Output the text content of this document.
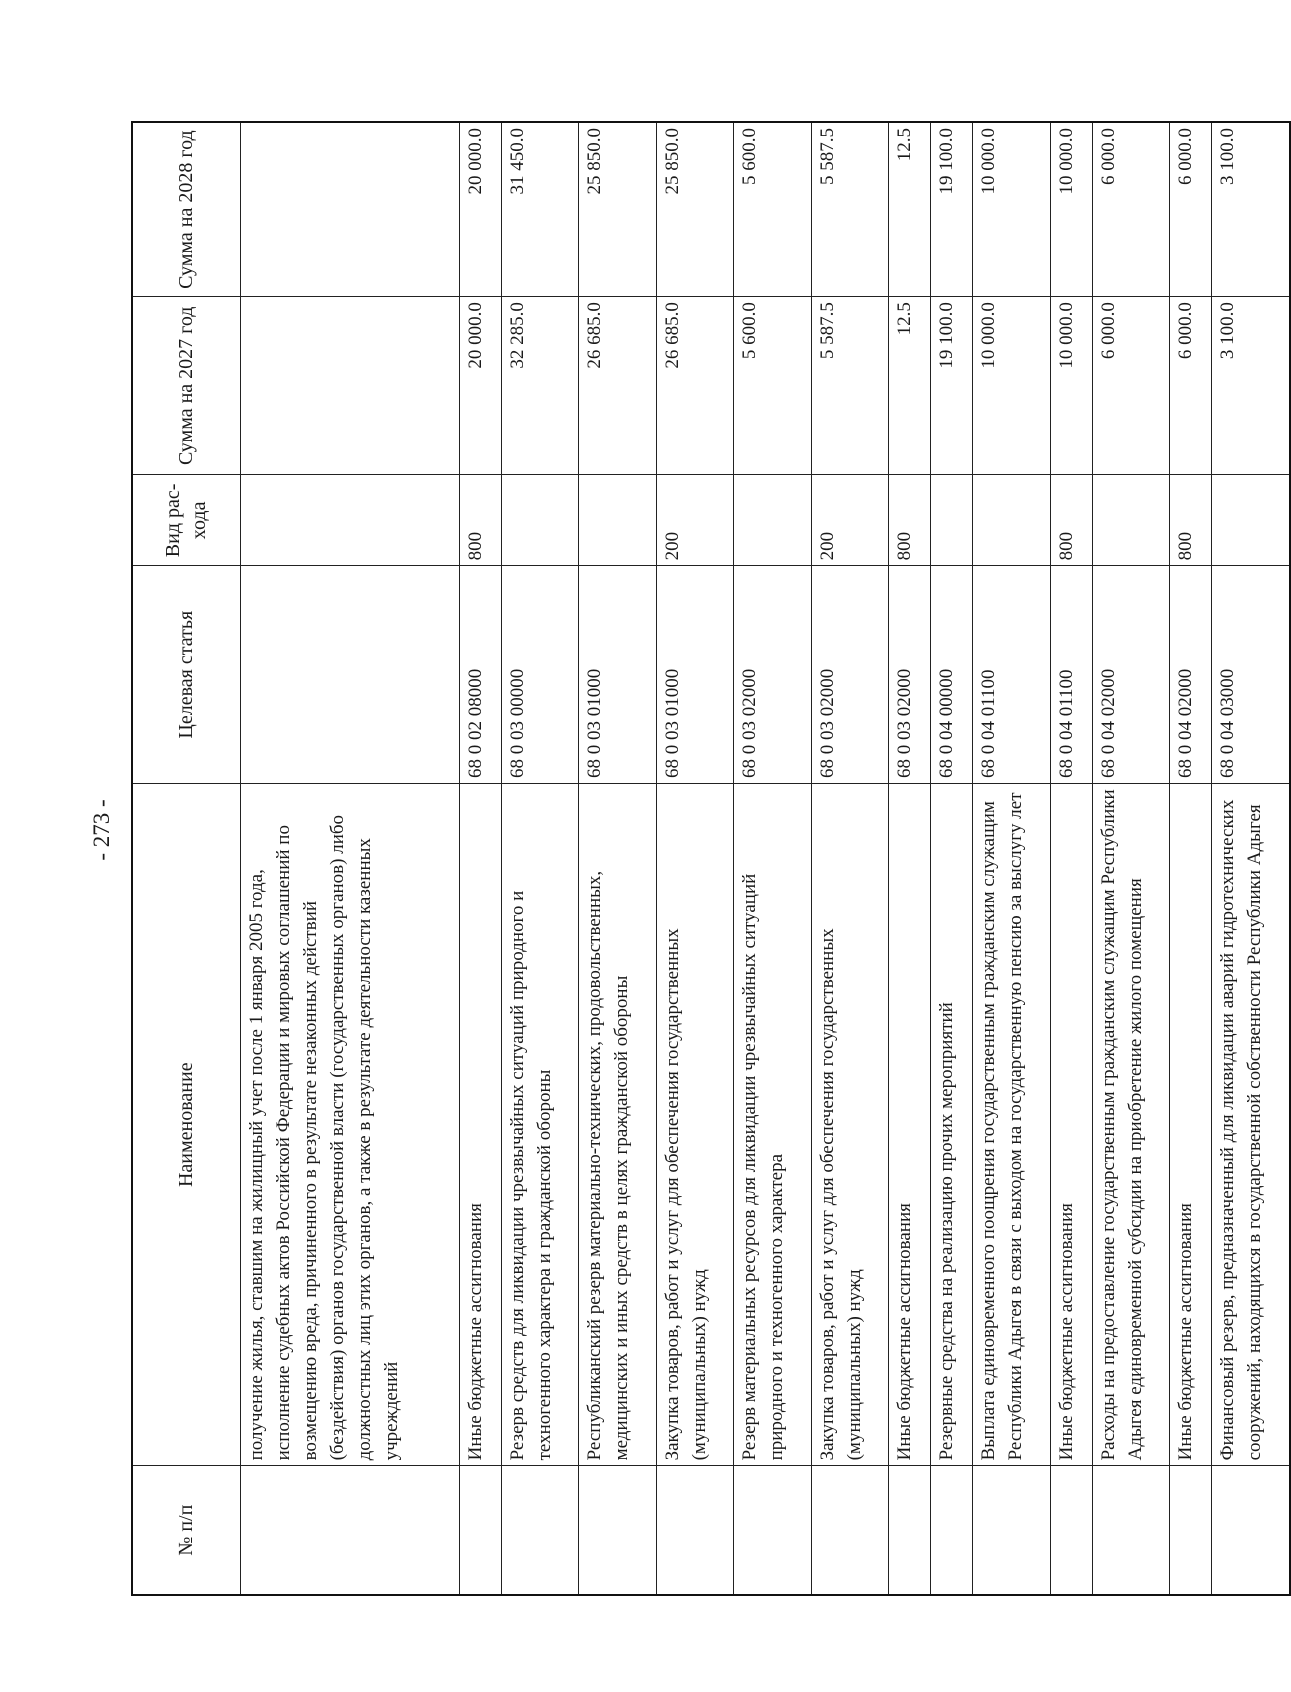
- 273 -
№ п/п	Наименование	Целевая статья	Вид рас- хода	Сумма на 2027 год	Сумма на 2028 год
	получение жилья, ставшим на жилищный учет после 1 января 2005 года, исполнение судебных актов Российской Федерации и мировых соглашений по возмещению вреда, причиненного в результате незаконных действий (бездействия) органов государственной власти (государственных органов) либо должностных лиц этих органов, а также в результате деятельности казенных учреждений				
	Иные бюджетные ассигнования	68 0 02 08000	800	20 000.0	20 000.0
	Резерв средств для ликвидации чрезвычайных ситуаций природного и техногенного характера и гражданской обороны	68 0 03 00000		32 285.0	31 450.0
	Республиканский резерв материально-технических, продовольственных, медицинских и иных средств в целях гражданской обороны	68 0 03 01000		26 685.0	25 850.0
	Закупка товаров, работ и услуг для обеспечения государственных (муниципальных) нужд	68 0 03 01000	200	26 685.0	25 850.0
	Резерв материальных ресурсов для ликвидации чрезвычайных ситуаций природного и техногенного характера	68 0 03 02000		5 600.0	5 600.0
	Закупка товаров, работ и услуг для обеспечения государственных (муниципальных) нужд	68 0 03 02000	200	5 587.5	5 587.5
	Иные бюджетные ассигнования	68 0 03 02000	800	12.5	12.5
	Резервные средства на реализацию прочих мероприятий	68 0 04 00000		19 100.0	19 100.0
	Выплата единовременного поощрения государственным гражданским служащим Республики Адыгея в связи с выходом на государственную пенсию за выслугу лет	68 0 04 01100		10 000.0	10 000.0
	Иные бюджетные ассигнования	68 0 04 01100	800	10 000.0	10 000.0
	Расходы на предоставление государственным гражданским служащим Республики Адыгея единовременной субсидии на приобретение жилого помещения	68 0 04 02000		6 000.0	6 000.0
	Иные бюджетные ассигнования	68 0 04 02000	800	6 000.0	6 000.0
	Финансовый резерв, предназначенный для ликвидации аварий гидротехнических сооружений, находящихся в государственной собственности Республики Адыгея	68 0 04 03000		3 100.0	3 100.0
